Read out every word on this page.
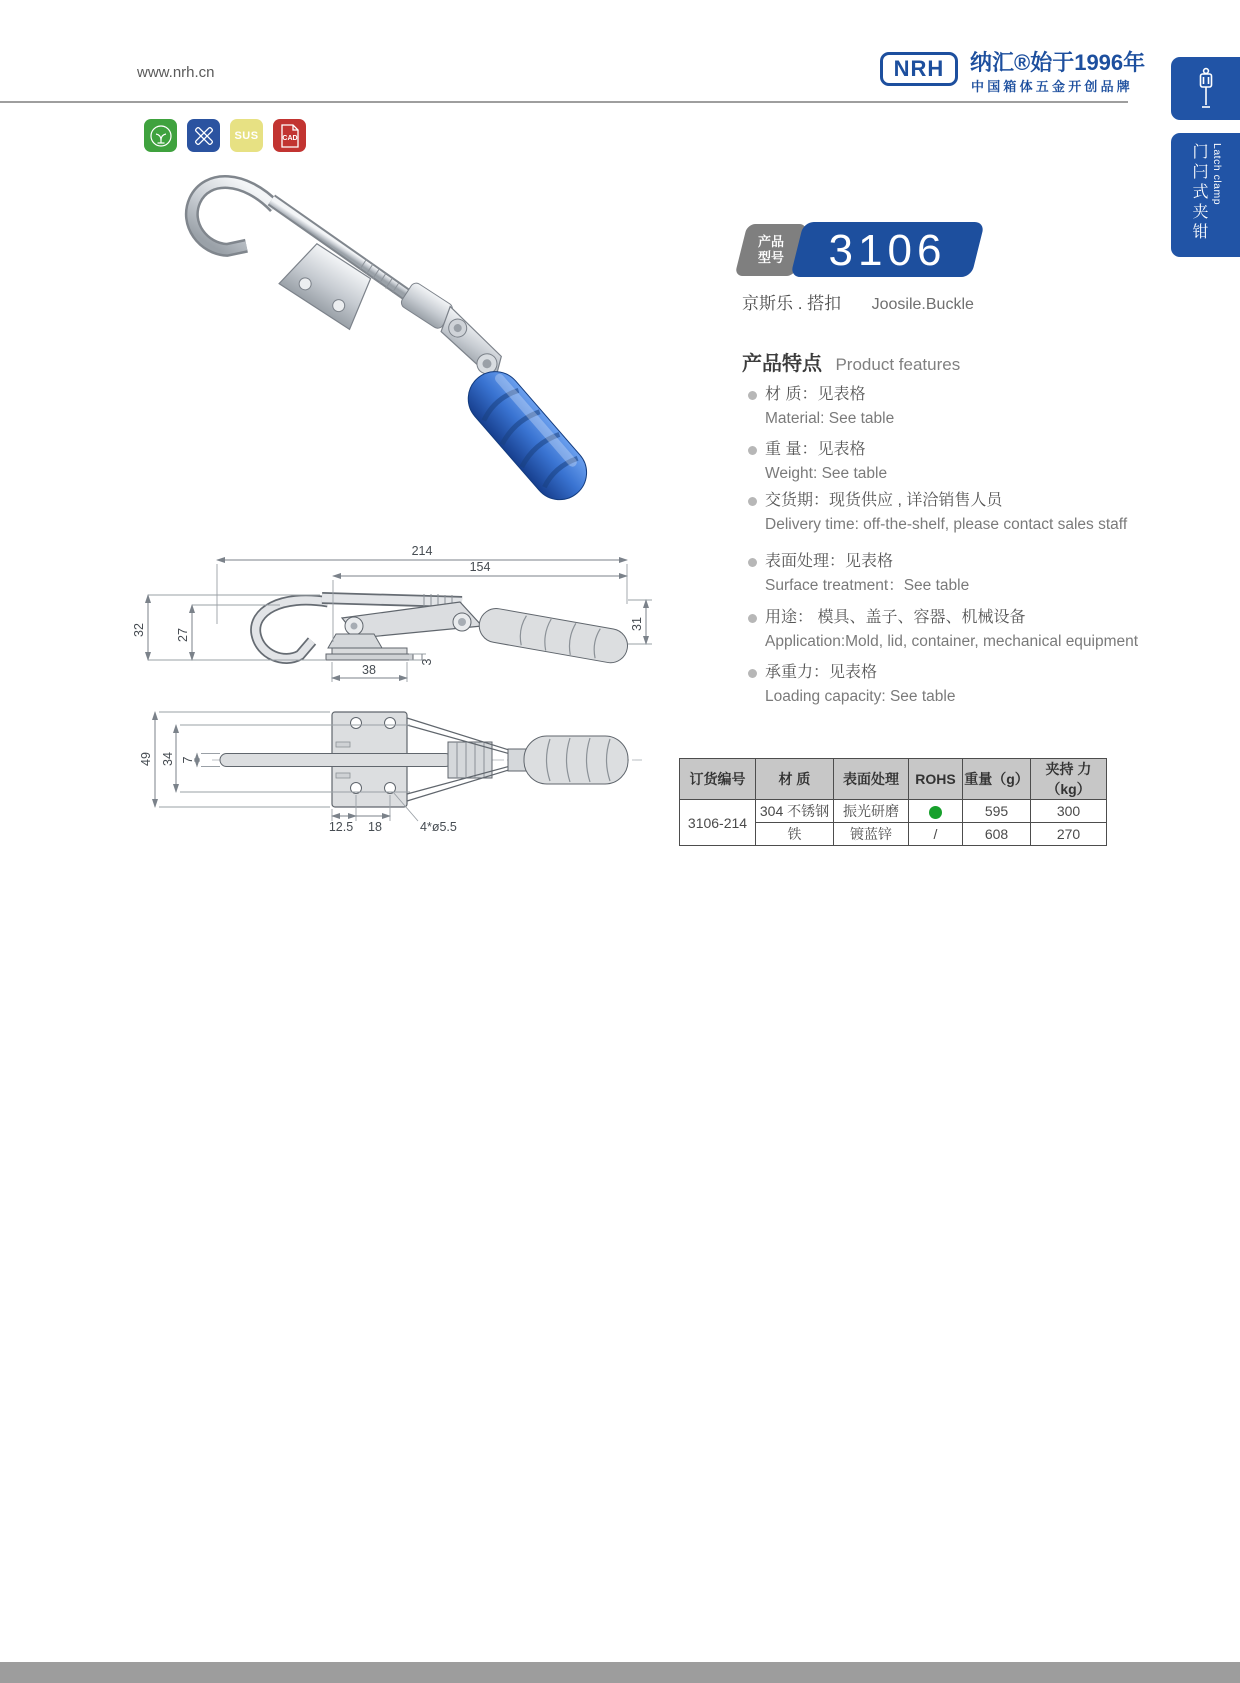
www.nrh.cn	NRH 纳汇®始于1996年
中国箱体五金开创品牌
门闩式夹钳 Latch clamp
SUS	CAD
产品
型号	3106
京斯乐 . 搭扣 Joosile.Buckle
产品特点 Product features
材 质：见表格
Material: See table
重 量：见表格
Weight: See table
交货期：现货供应 , 详洽销售人员
Delivery time: off-the-shelf, please contact sales staff
表面处理：见表格
Surface treatment：See table
用途： 模具、盖子、容器、机械设备
Application:Mold, lid, container, mechanical equipment
承重力：见表格
Loading capacity: See table
214
154
32 27
38
3
31
49 34 7
12.5 18	4*ø5.5
订货编号	材 质	表面处理	ROHS	重量（g）	夹持 力（kg）
3106-214	304 不锈钢	振光研磨		595	300
	铁	镀蓝锌	/	608	270
